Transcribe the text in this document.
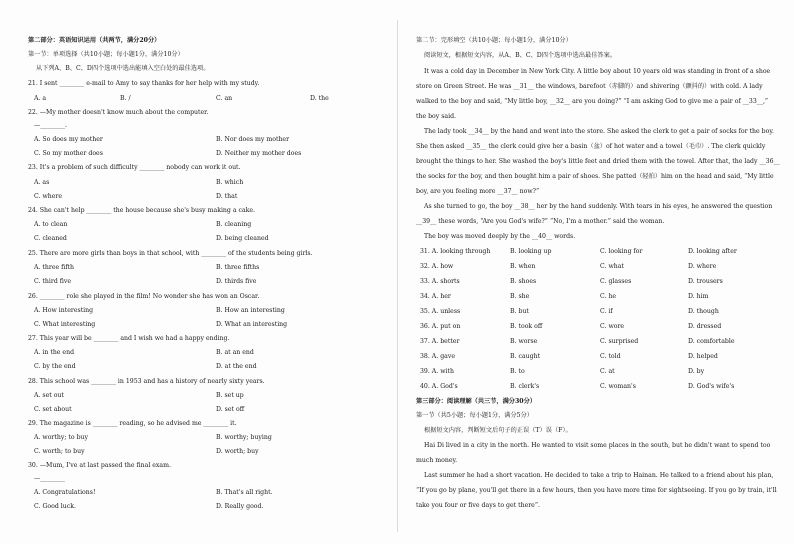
第二部分：英语知识运用（共两节，满分20分）
第一节：单项选择（共10小题；每小题1分，满分10分）
从下列A、B、C、D四个选项中选出能填入空白处的最佳选项。
21. I sent ________ e-mail to Amy to say thanks for her help with my study.
A. a	B. /	C. an	D. the
22. —My mother doesn't know much about the computer.
—________.
A. So does my mother	B. Nor does my mother
C. So my mother does	D. Neither my mother does
23. It's a problem of such difficulty ________ nobody can work it out.
A. as	B. which
C. where	D. that
24. She can't help ________ the house because she's busy making a cake.
A. to clean	B. cleaning
C. cleaned	D. being cleaned
25. There are more girls than boys in that school, with ________ of the students being girls.
A. three fifth	B. three fifths
C. third five	D. thirds five
26. ________ role she played in the film! No wonder she has won an Oscar.
A. How interesting	B. How an interesting
C. What interesting	D. What an interesting
27. This year will be ________ and I wish we had a happy ending.
A. in the end	B. at an end
C. by the end	D. at the end
28. This school was ________ in 1953 and has a history of nearly sixty years.
A. set out	B. set up
C. set about	D. set off
29. The magazine is ________ reading, so he advised me ________ it.
A. worthy; to buy	B. worthy; buying
C. worth; to buy	D. worth; buy
30. —Mum, I've at last passed the final exam.
—________
A. Congratulations!	B. That's all right.
C. Good luck.	D. Really good.
第二节：完形填空（共10小题；每小题1分，满分10分）
阅读短文，根据短文内容，从A、B、C、D四个选项中选出最佳答案。
It was a cold day in December in New York City. A little boy about 10 years old was standing in front of a shoe
store on Green Street. He was __31__ the windows, barefoot（赤脚的）and shivering（颤抖的）with cold. A lady
walked to the boy and said, “My little boy, __32__ are you doing?” “I am asking God to give me a pair of __33__,”
the boy said.
The lady took __34__ by the hand and went into the store. She asked the clerk to get a pair of socks for the boy.
She then asked __35__ the clerk could give her a basin（盆）of hot water and a towel（毛巾）. The clerk quickly
brought the things to her. She washed the boy's little feet and dried them with the towel. After that, the lady __36__
the socks for the boy, and then bought him a pair of shoes. She patted（轻拍）him on the head and said, “My little
boy, are you feeling more __37__ now?”
As she turned to go, the boy __38__ her by the hand suddenly. With tears in his eyes, he answered the question
__39__ these words, “Are you God's wife?” “No, I'm a mother.” said the woman.
The boy was moved deeply by the __40__ words.
31. A. looking through	B. looking up	C. looking for	D. looking after
32. A. how	B. when	C. what	D. where
33. A. shorts	B. shoes	C. glasses	D. trousers
34. A. her	B. she	C. he	D. him
35. A. unless	B. but	C. if	D. though
36. A. put on	B. took off	C. wore	D. dressed
37. A. better	B. worse	C. surprised	D. comfortable
38. A. gave	B. caught	C. told	D. helped
39. A. with	B. to	C. at	D. by
40. A. God's	B. clerk's	C. woman's	D. God's wife's
第三部分：阅读理解（共三节，满分30分）
第一节（共5小题；每小题1分，满分5分）
根据短文内容，判断短文后句子的正误（T）误（F）。
Hai Di lived in a city in the north. He wanted to visit some places in the south, but he didn't want to spend too
much money.
Last summer he had a short vacation. He decided to take a trip to Hainan. He talked to a friend about his plan,
“If you go by plane, you'll get there in a few hours, then you have more time for sightseeing. If you go by train, it'll
take you four or five days to get there”.
